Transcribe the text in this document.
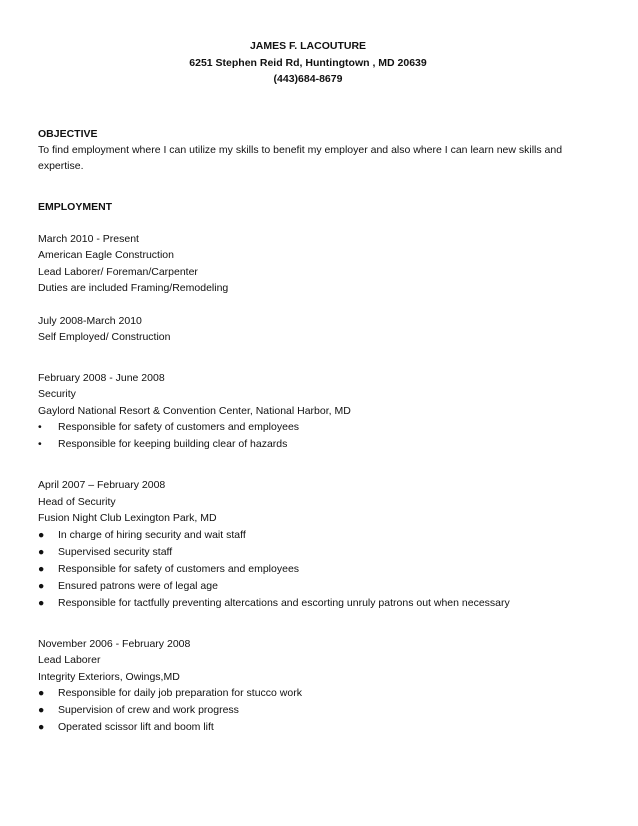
JAMES F. LACOUTURE
6251 Stephen Reid Rd, Huntingtown , MD 20639
(443)684-8679
OBJECTIVE
To find employment where I can utilize my skills to benefit my employer and also where I can learn new skills and expertise.
EMPLOYMENT
March 2010 - Present
American Eagle Construction
Lead Laborer/ Foreman/Carpenter
Duties are included Framing/Remodeling
July 2008-March 2010
Self Employed/ Construction
February 2008 - June 2008
Security
Gaylord National Resort & Convention Center, National Harbor, MD
•	Responsible for safety of customers and employees
•	Responsible for keeping building clear of hazards
April 2007 – February 2008
Head of Security
Fusion Night Club Lexington Park, MD
●	In charge of hiring security and wait staff
●	Supervised security staff
●	Responsible for safety of customers and employees
●	Ensured patrons were of legal age
●	Responsible for tactfully preventing altercations and escorting unruly patrons out when necessary
November 2006 - February 2008
Lead Laborer
Integrity Exteriors, Owings,MD
●	Responsible for daily job preparation for stucco work
●	Supervision of crew and work progress
●	Operated scissor lift and boom lift
